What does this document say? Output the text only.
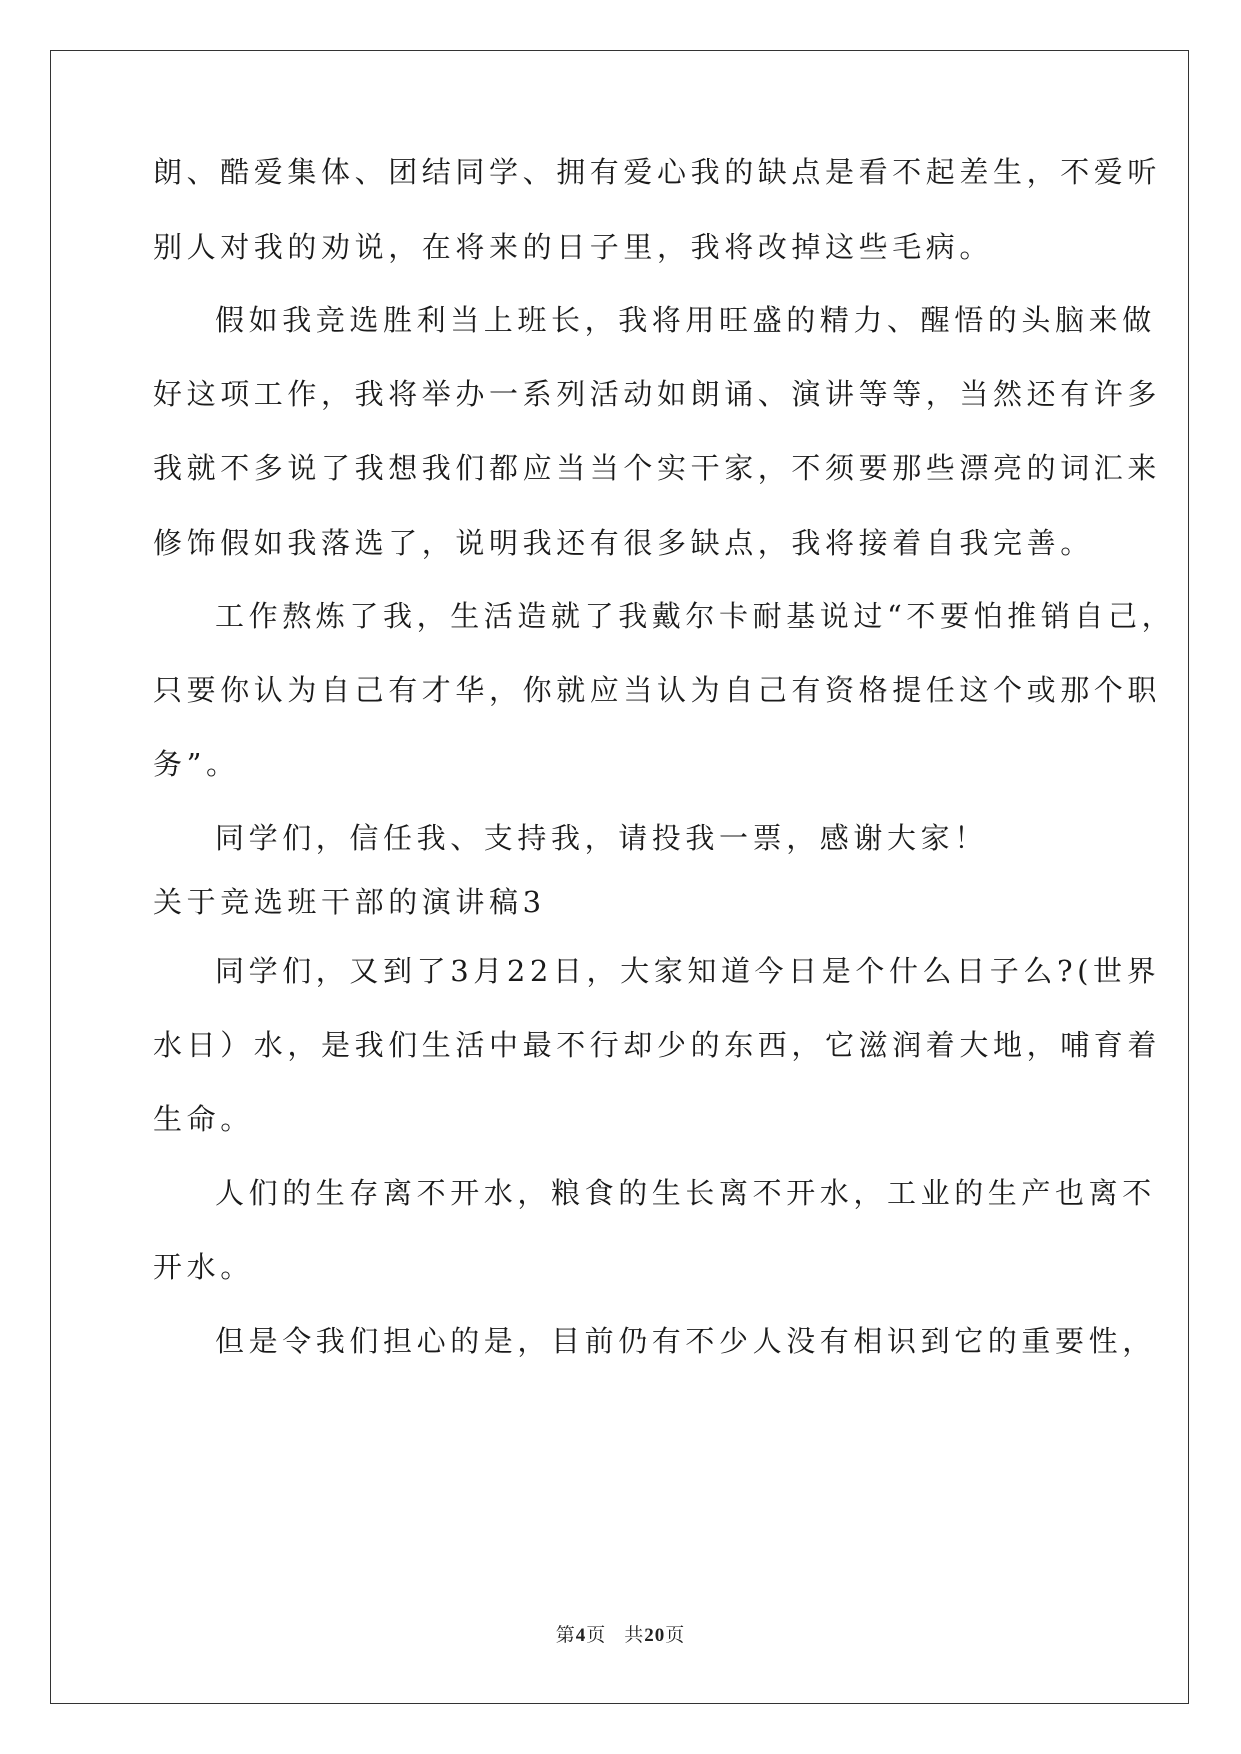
朗、酷爱集体、团结同学、拥有爱心我的缺点是看不起差生，不爱听
别人对我的劝说，在将来的日子里，我将改掉这些毛病。
假如我竞选胜利当上班长，我将用旺盛的精力、醒悟的头脑来做
好这项工作，我将举办一系列活动如朗诵、演讲等等，当然还有许多
我就不多说了我想我们都应当当个实干家，不须要那些漂亮的词汇来
修饰假如我落选了，说明我还有很多缺点，我将接着自我完善。
工作熬炼了我，生活造就了我戴尔卡耐基说过“不要怕推销自己，
只要你认为自己有才华，你就应当认为自己有资格提任这个或那个职
务”。
同学们，信任我、支持我，请投我一票，感谢大家！
关于竞选班干部的演讲稿3
同学们，又到了3月22日，大家知道今日是个什么日子么?(世界
水日）水，是我们生活中最不行却少的东西，它滋润着大地，哺育着
生命。
人们的生存离不开水，粮食的生长离不开水，工业的生产也离不
开水。
但是令我们担心的是，目前仍有不少人没有相识到它的重要性，
第4页 共20页
